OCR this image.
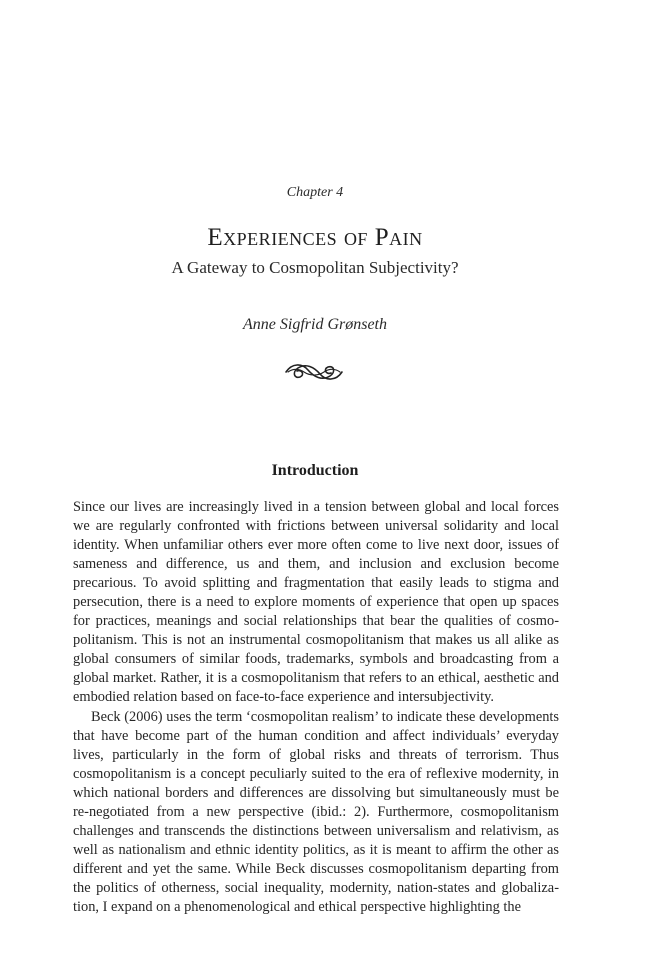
Chapter 4
Experiences of Pain
A Gateway to Cosmopolitan Subjectivity?
Anne Sigfrid Grønseth
Introduction

Since our lives are increasingly lived in a tension between global and local forces we are regularly confronted with frictions between universal solidarity and local identity. When unfamiliar others ever more often come to live next door, issues of sameness and difference, us and them, and inclusion and exclusion become precarious. To avoid splitting and fragmentation that easily leads to stigma and persecution, there is a need to explore moments of experience that open up spaces for practices, meanings and social relationships that bear the qualities of cosmopolitanism. This is not an instrumental cosmopolitanism that makes us all alike as global consumers of similar foods, trademarks, symbols and broadcasting from a global market. Rather, it is a cosmopolitanism that refers to an ethical, aesthetic and embodied relation based on face-to-face experience and intersubjectivity.

Beck (2006) uses the term ‘cosmopolitan realism’ to indicate these developments that have become part of the human condition and affect individuals’ everyday lives, particularly in the form of global risks and threats of terrorism. Thus cosmopolitanism is a concept peculiarly suited to the era of reflexive modernity, in which national borders and differences are dissolving but simultaneously must be re-negotiated from a new perspective (ibid.: 2). Furthermore, cosmopolitanism challenges and transcends the distinctions between universalism and relativism, as well as nationalism and ethnic identity politics, as it is meant to affirm the other as different and yet the same. While Beck discusses cosmopolitanism departing from the politics of otherness, social inequality, modernity, nation-states and globalization, I expand on a phenomenological and ethical perspective highlighting the
